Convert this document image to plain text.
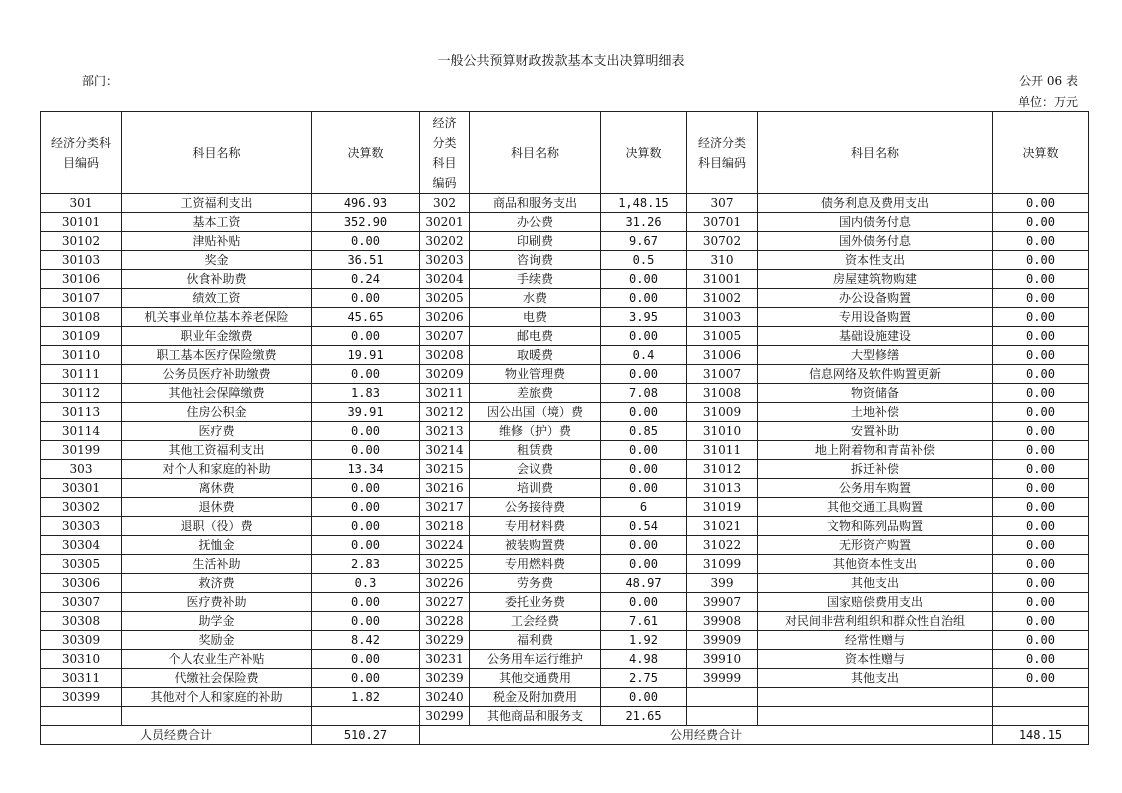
一般公共预算财政拨款基本支出决算明细表
部门：	公开 06 表
单位：万元
经济分类科目编码	科目名称	决算数	经济分类科目编码	科目名称	决算数	经济分类科目编码	科目名称	决算数
301	工资福利支出	496.93	302	商品和服务支出	1,48.15	307	债务利息及费用支出	0.00
30101	基本工资	352.90	30201	办公费	31.26	30701	国内债务付息	0.00
30102	津贴补贴	0.00	30202	印刷费	9.67	30702	国外债务付息	0.00
30103	奖金	36.51	30203	咨询费	0.5	310	资本性支出	0.00
30106	伙食补助费	0.24	30204	手续费	0.00	31001	房屋建筑物购建	0.00
30107	绩效工资	0.00	30205	水费	0.00	31002	办公设备购置	0.00
30108	机关事业单位基本养老保险	45.65	30206	电费	3.95	31003	专用设备购置	0.00
30109	职业年金缴费	0.00	30207	邮电费	0.00	31005	基础设施建设	0.00
30110	职工基本医疗保险缴费	19.91	30208	取暖费	0.4	31006	大型修缮	0.00
30111	公务员医疗补助缴费	0.00	30209	物业管理费	0.00	31007	信息网络及软件购置更新	0.00
30112	其他社会保障缴费	1.83	30211	差旅费	7.08	31008	物资储备	0.00
30113	住房公积金	39.91	30212	因公出国（境）费	0.00	31009	土地补偿	0.00
30114	医疗费	0.00	30213	维修（护）费	0.85	31010	安置补助	0.00
30199	其他工资福利支出	0.00	30214	租赁费	0.00	31011	地上附着物和青苗补偿	0.00
303	对个人和家庭的补助	13.34	30215	会议费	0.00	31012	拆迁补偿	0.00
30301	离休费	0.00	30216	培训费	0.00	31013	公务用车购置	0.00
30302	退休费	0.00	30217	公务接待费	6	31019	其他交通工具购置	0.00
30303	退职（役）费	0.00	30218	专用材料费	0.54	31021	文物和陈列品购置	0.00
30304	抚恤金	0.00	30224	被装购置费	0.00	31022	无形资产购置	0.00
30305	生活补助	2.83	30225	专用燃料费	0.00	31099	其他资本性支出	0.00
30306	救济费	0.3	30226	劳务费	48.97	399	其他支出	0.00
30307	医疗费补助	0.00	30227	委托业务费	0.00	39907	国家赔偿费用支出	0.00
30308	助学金	0.00	30228	工会经费	7.61	39908	对民间非营利组织和群众性自治组	0.00
30309	奖励金	8.42	30229	福利费	1.92	39909	经常性赠与	0.00
30310	个人农业生产补贴	0.00	30231	公务用车运行维护	4.98	39910	资本性赠与	0.00
30311	代缴社会保险费	0.00	30239	其他交通费用	2.75	39999	其他支出	0.00
30399	其他对个人和家庭的补助	1.82	30240	税金及附加费用	0.00			
			30299	其他商品和服务支	21.65			
人员经费合计		510.27	公用经费合计					148.15
